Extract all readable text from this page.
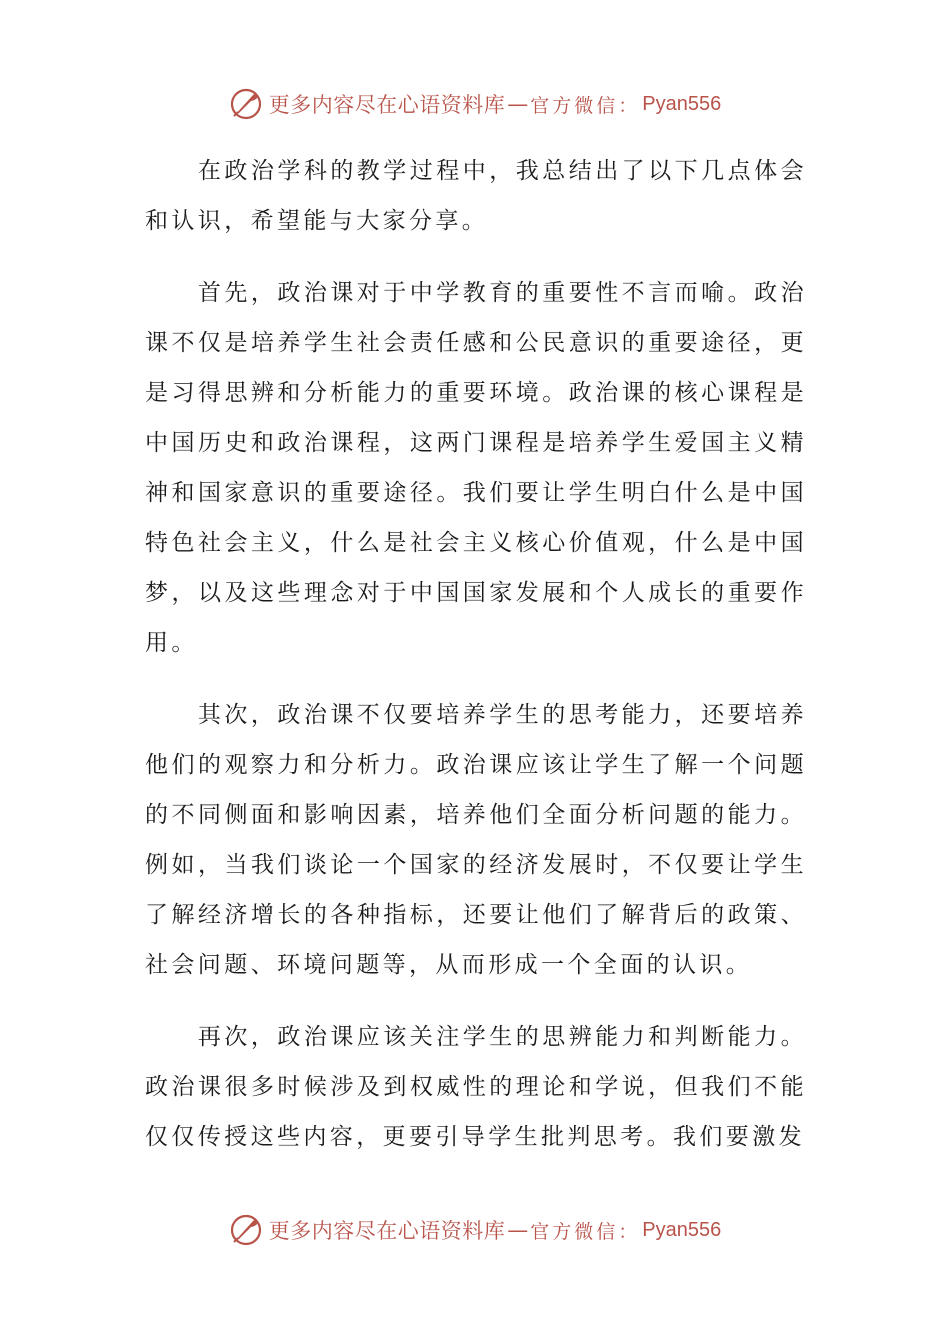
更多内容尽在心语资料库 — 官方微信： Pyan556

在政治学科的教学过程中，我总结出了以下几点体会和认识，希望能与大家分享。

首先，政治课对于中学教育的重要性不言而喻。政治课不仅是培养学生社会责任感和公民意识的重要途径，更是习得思辨和分析能力的重要环境。政治课的核心课程是中国历史和政治课程，这两门课程是培养学生爱国主义精神和国家意识的重要途径。我们要让学生明白什么是中国特色社会主义，什么是社会主义核心价值观，什么是中国梦，以及这些理念对于中国国家发展和个人成长的重要作用。

其次，政治课不仅要培养学生的思考能力，还要培养他们的观察力和分析力。政治课应该让学生了解一个问题的不同侧面和影响因素，培养他们全面分析问题的能力。例如，当我们谈论一个国家的经济发展时，不仅要让学生了解经济增长的各种指标，还要让他们了解背后的政策、社会问题、环境问题等，从而形成一个全面的认识。

再次，政治课应该关注学生的思辨能力和判断能力。政治课很多时候涉及到权威性的理论和学说，但我们不能仅仅传授这些内容，更要引导学生批判思考。我们要激发

更多内容尽在心语资料库 — 官方微信： Pyan556
